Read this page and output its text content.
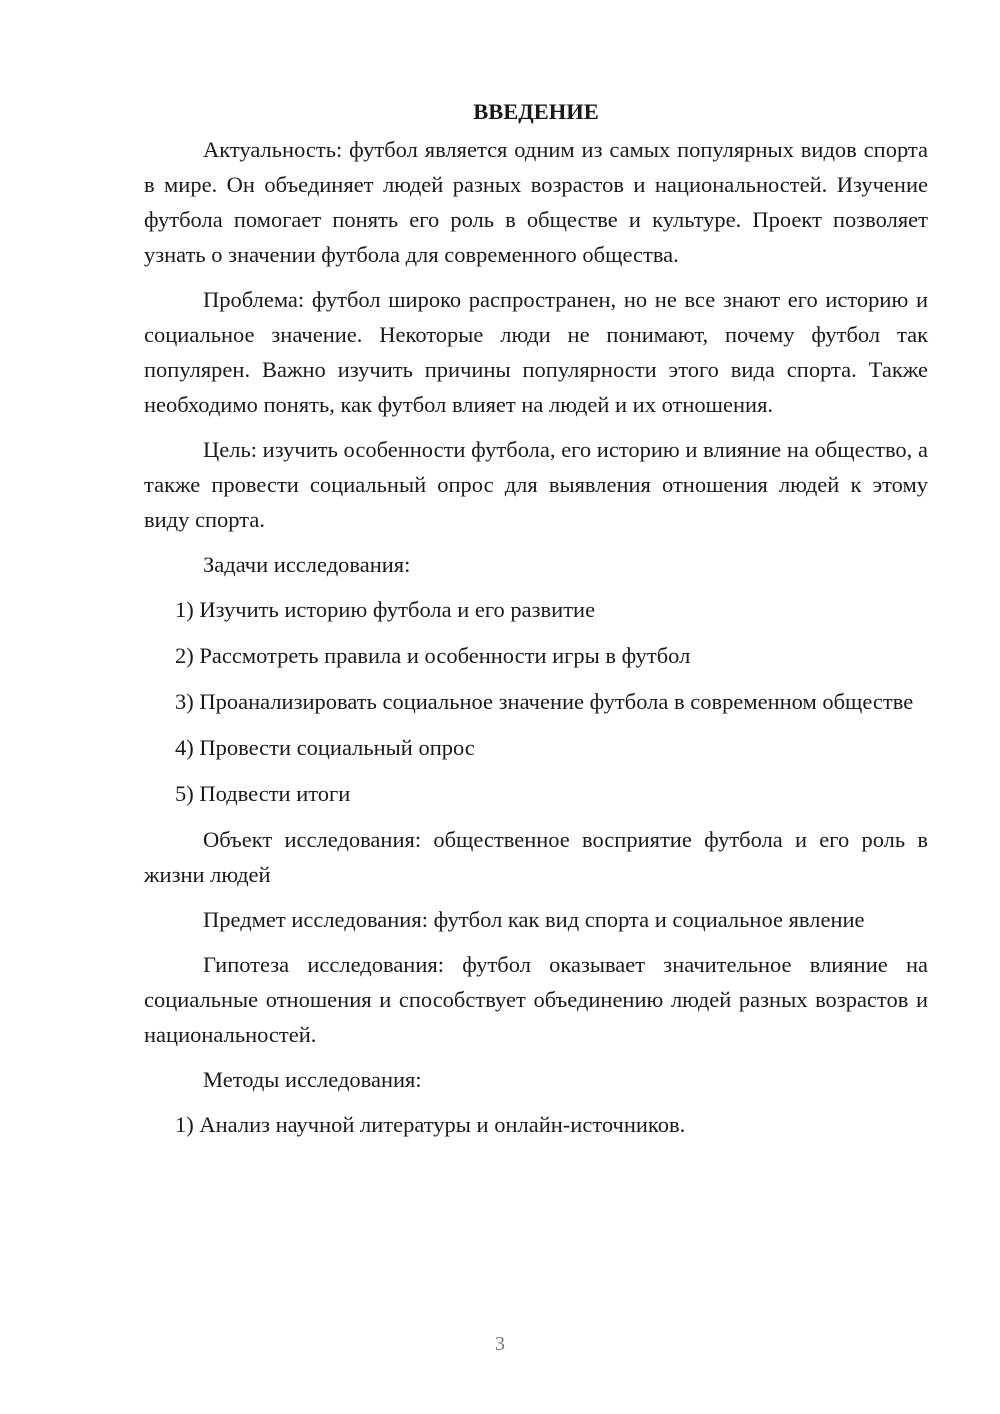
ВВЕДЕНИЕ

Актуальность: футбол является одним из самых популярных видов спорта в мире. Он объединяет людей разных возрастов и национальностей. Изучение футбола помогает понять его роль в обществе и культуре. Проект позволяет узнать о значении футбола для современного общества.

Проблема: футбол широко распространен, но не все знают его историю и социальное значение. Некоторые люди не понимают, почему футбол так популярен. Важно изучить причины популярности этого вида спорта. Также необходимо понять, как футбол влияет на людей и их отношения.

Цель: изучить особенности футбола, его историю и влияние на общество, а также провести социальный опрос для выявления отношения людей к этому виду спорта.

Задачи исследования:

1) Изучить историю футбола и его развитие

2) Рассмотреть правила и особенности игры в футбол

3) Проанализировать социальное значение футбола в современном обществе

4) Провести социальный опрос

5) Подвести итоги

Объект исследования: общественное восприятие футбола и его роль в жизни людей

Предмет исследования: футбол как вид спорта и социальное явление

Гипотеза исследования: футбол оказывает значительное влияние на социальные отношения и способствует объединению людей разных возрастов и национальностей.

Методы исследования:

1) Анализ научной литературы и онлайн-источников.

3
